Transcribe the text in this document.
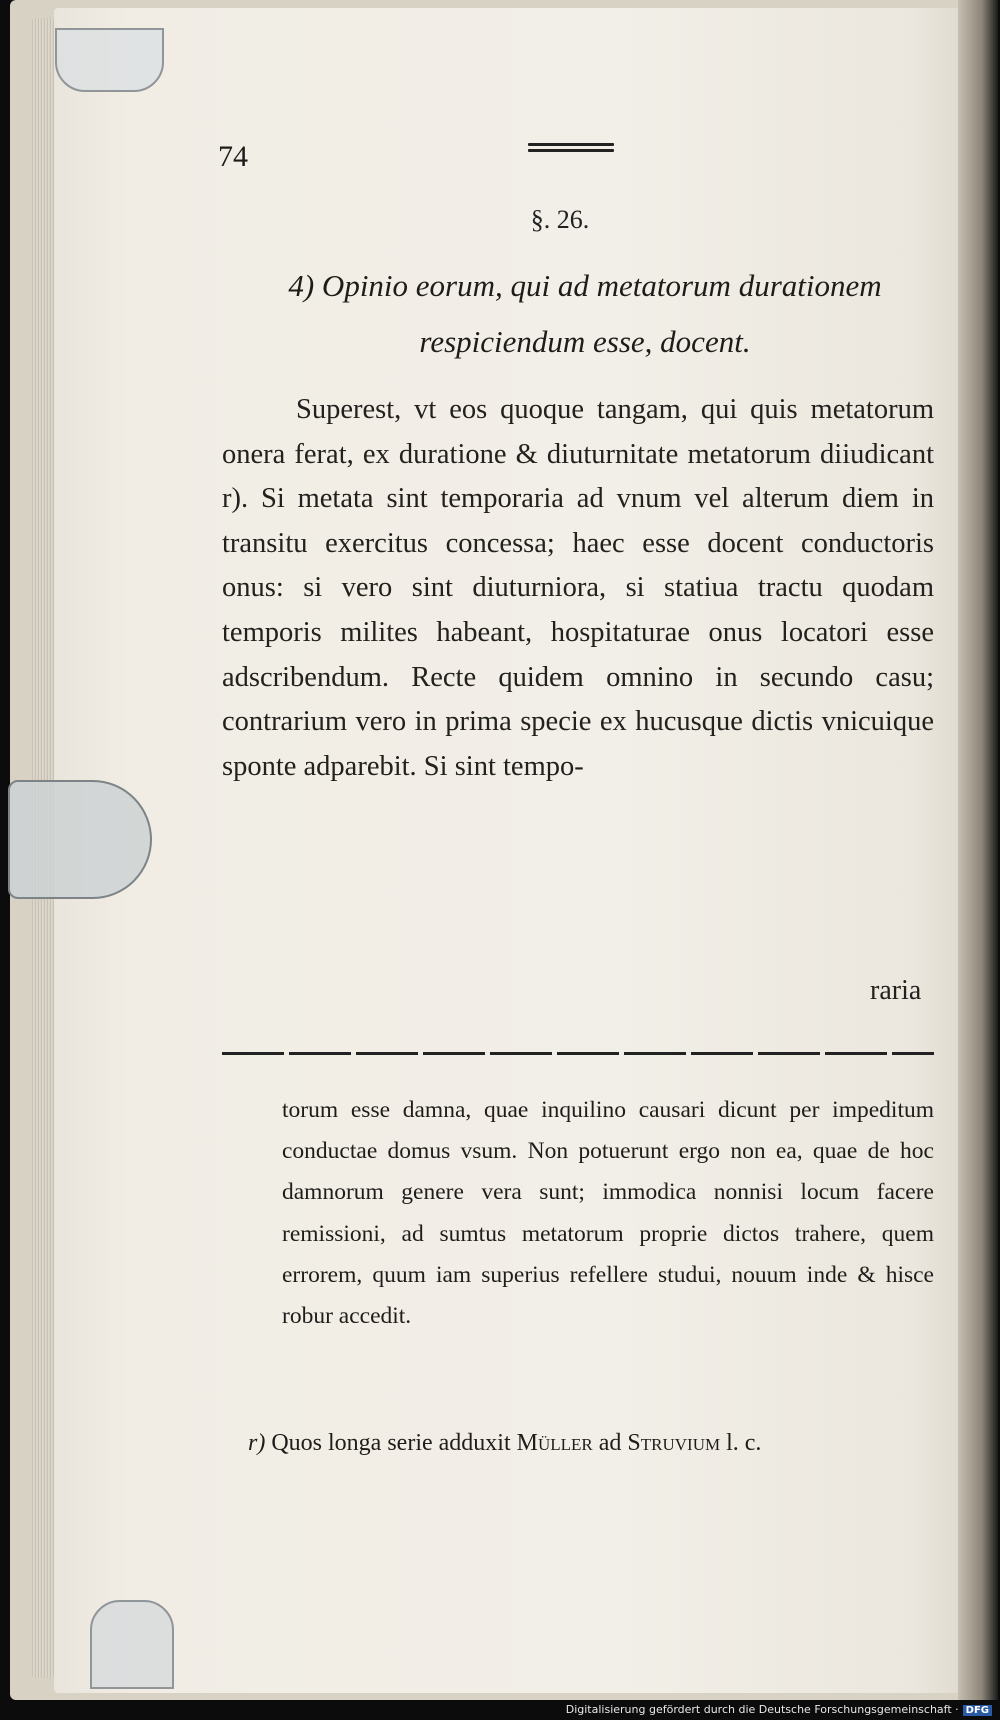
74
§. 26.
4) Opinio eorum, qui ad metatorum durationem respiciendum esse, docent.

Superest, vt eos quoque tangam, qui quis metatorum onera ferat, ex duratione & diuturnitate metatorum diiudicant r). Si metata sint temporaria ad vnum vel alterum diem in transitu exercitus concessa; haec esse docent conductoris onus: si vero sint diuturniora, si statiua tractu quodam temporis milites habeant, hospitaturae onus locatori esse adscribendum. Recte quidem omnino in secundo casu; contrarium vero in prima specie ex hucusque dictis vnicuique sponte adparebit. Si sint tempo-

raria
torum esse damna, quae inquilino causari dicunt per impeditum conductae domus vsum. Non potuerunt ergo non ea, quae de hoc damnorum genere vera sunt; immodica nonnisi locum facere remissioni, ad sumtus metatorum proprie dictos trahere, quem errorem, quum iam superius refellere studui, nouum inde & hisce robur accedit.
r) Quos longa serie adduxit Müller ad Struvium l. c.
Digitalisierung gefördert durch die Deutsche Forschungsgemeinschaft · DFG
